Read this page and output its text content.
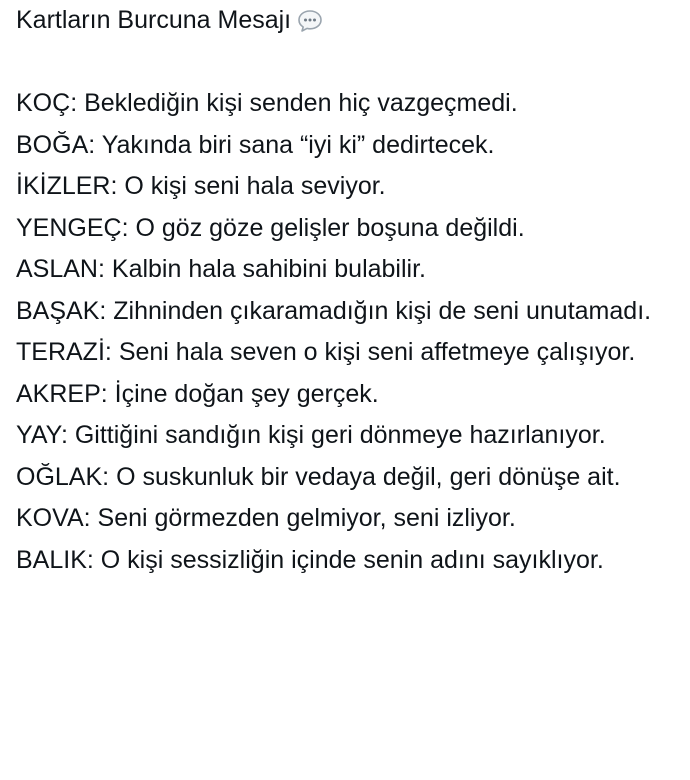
Kartların Burcuna Mesajı

KOÇ: Beklediğin kişi senden hiç vazgeçmedi.

BOĞA: Yakında biri sana “iyi ki” dedirtecek.

İKİZLER: O kişi seni hala seviyor.

YENGEÇ: O göz göze gelişler boşuna değildi.

ASLAN: Kalbin hala sahibini bulabilir.

BAŞAK: Zihninden çıkaramadığın kişi de seni unutamadı.

TERAZİ: Seni hala seven o kişi seni affetmeye çalışıyor.

AKREP: İçine doğan şey gerçek.

YAY: Gittiğini sandığın kişi geri dönmeye hazırlanıyor.

OĞLAK: O suskunluk bir vedaya değil, geri dönüşe ait.

KOVA: Seni görmezden gelmiyor, seni izliyor.

BALIK: O kişi sessizliğin içinde senin adını sayıklıyor.
